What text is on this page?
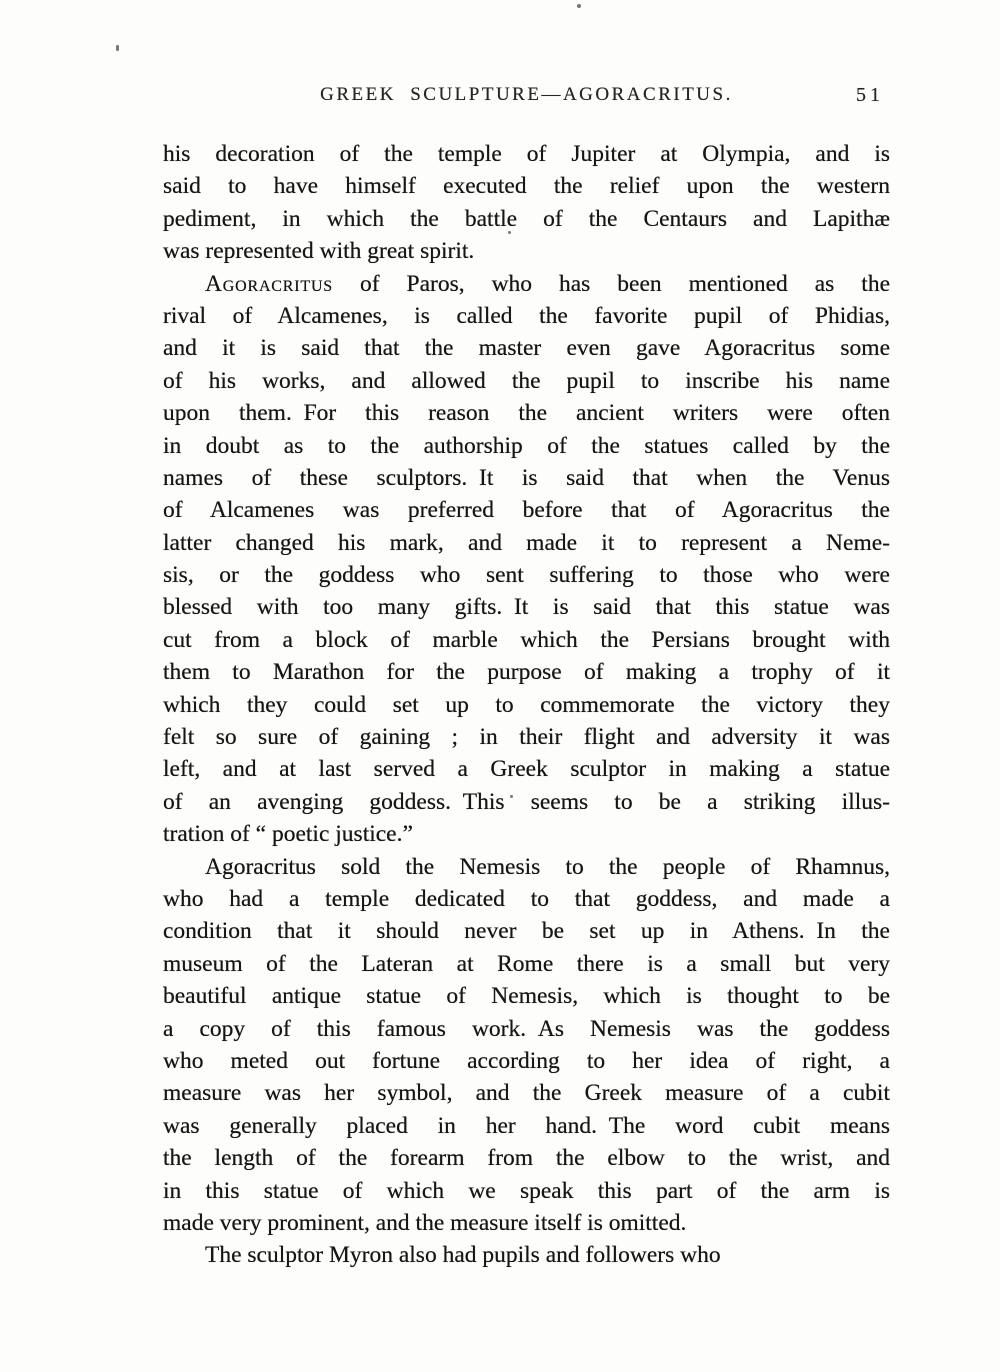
GREEK SCULPTURE—AGORACRITUS.	51
his decoration of the temple of Jupiter at Olympia, and is
said to have himself executed the relief upon the western
pediment, in which the battle of the Centaurs and Lapithæ
was represented with great spirit.
Agoracritus of Paros, who has been mentioned as the
rival of Alcamenes, is called the favorite pupil of Phidias,
and it is said that the master even gave Agoracritus some
of his works, and allowed the pupil to inscribe his name
upon them. For this reason the ancient writers were often
in doubt as to the authorship of the statues called by the
names of these sculptors. It is said that when the Venus
of Alcamenes was preferred before that of Agoracritus the
latter changed his mark, and made it to represent a Neme-
sis, or the goddess who sent suffering to those who were
blessed with too many gifts. It is said that this statue was
cut from a block of marble which the Persians brought with
them to Marathon for the purpose of making a trophy of it
which they could set up to commemorate the victory they
felt so sure of gaining ; in their flight and adversity it was
left, and at last served a Greek sculptor in making a statue
of an avenging goddess. This seems to be a striking illus-
tration of “ poetic justice.”
Agoracritus sold the Nemesis to the people of Rhamnus,
who had a temple dedicated to that goddess, and made a
condition that it should never be set up in Athens. In the
museum of the Lateran at Rome there is a small but very
beautiful antique statue of Nemesis, which is thought to be
a copy of this famous work. As Nemesis was the goddess
who meted out fortune according to her idea of right, a
measure was her symbol, and the Greek measure of a cubit
was generally placed in her hand. The word cubit means
the length of the forearm from the elbow to the wrist, and
in this statue of which we speak this part of the arm is
made very prominent, and the measure itself is omitted.
The sculptor Myron also had pupils and followers who
